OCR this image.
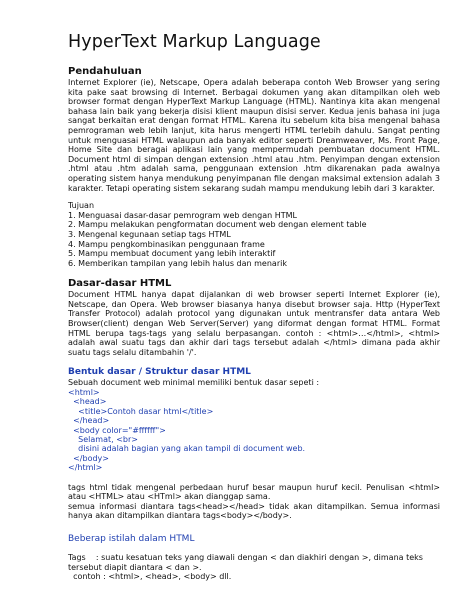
HyperText Markup Language
Pendahuluan

Internet Explorer (ie), Netscape, Opera adalah beberapa contoh Web Browser yang sering kita pake saat browsing di Internet. Berbagai dokumen yang akan ditampilkan oleh web browser format dengan HyperText Markup Language (HTML). Nantinya kita akan mengenal bahasa lain baik yang bekerja disisi klient maupun disisi server. Kedua jenis bahasa ini juga sangat berkaitan erat dengan format HTML. Karena itu sebelum kita bisa mengenal bahasa pemrograman web lebih lanjut, kita harus mengerti HTML terlebih dahulu. Sangat penting untuk menguasai HTML walaupun ada banyak editor seperti Dreamweaver, Ms. Front Page, Home Site dan beragai aplikasi lain yang mempermudah pembuatan document HTML. Document html di simpan dengan extension .html atau .htm. Penyimpan dengan extension .html atau .htm adalah sama, penggunaan extension .htm dikarenakan pada awalnya operating sistem hanya mendukung penyimpanan file dengan maksimal extension adalah 3 karakter. Tetapi operating sistem sekarang sudah mampu mendukung lebih dari 3 karakter.

Tujuan

1. Menguasai dasar-dasar pemrogram web dengan HTML
2. Mampu melakukan pengformatan document web dengan element table
3. Mengenal kegunaan setiap tags HTML
4. Mampu pengkombinasikan penggunaan frame
5. Mampu membuat document yang lebih interaktif
6. Memberikan tampilan yang lebih halus dan menarik
Dasar-dasar HTML

Document HTML hanya dapat dijalankan di web browser seperti Internet Explorer (ie), Netscape, dan Opera. Web browser biasanya hanya disebut browser saja. Http (HyperText Transfer Protocol) adalah protocol yang digunakan untuk mentransfer data antara Web Browser(client) dengan Web Server(Server) yang diformat dengan format HTML. Format HTML berupa tags-tags yang selalu berpasangan. contoh : <html>…</html>, <html> adalah awal suatu tags dan akhir dari tags tersebut adalah </html> dimana pada akhir suatu tags selalu ditambahin '/'.

Bentuk dasar / Struktur dasar HTML

Sebuah document web minimal memiliki bentuk dasar sepeti :

<html>
<head>
<title>Contoh dasar html</title>
</head>
<body color="#ffffff">
Selamat, <br>
disini adalah bagian yang akan tampil di document web.
</body>
</html>

tags html tidak mengenal perbedaan huruf besar maupun huruf kecil. Penulisan <html> atau <HTML> atau <HTml> akan dianggap sama.

semua informasi diantara tags<head></head> tidak akan ditampilkan. Semua informasi hanya akan ditampilkan diantara tags<body></body>.

Beberap istilah dalam HTML

Tags    : suatu kesatuan teks yang diawali dengan < dan diakhiri dengan >, dimana teks

tersebut diapit diantara < dan >.

contoh : <html>, <head>, <body> dll.
